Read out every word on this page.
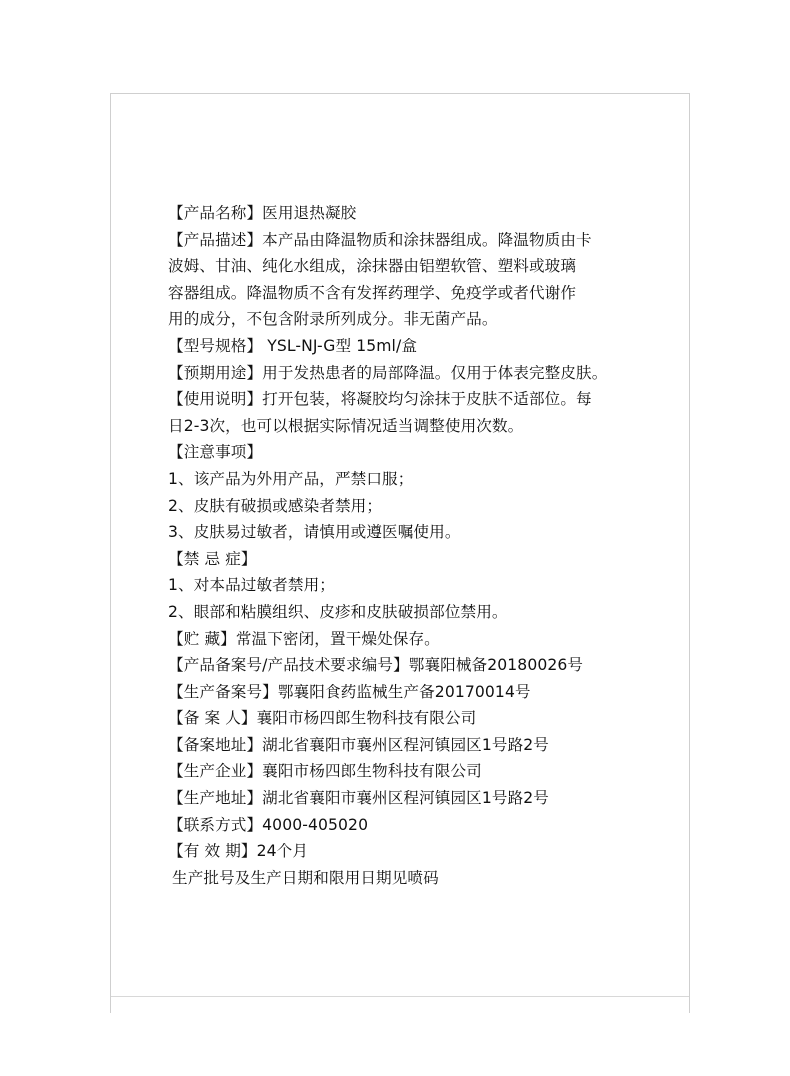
【产品名称】医用退热凝胶
【产品描述】本产品由降温物质和涂抹器组成。降温物质由卡
波姆、甘油、纯化水组成，涂抹器由铝塑软管、塑料或玻璃
容器组成。降温物质不含有发挥药理学、免疫学或者代谢作
用的成分，不包含附录所列成分。非无菌产品。
【型号规格】 YSL-NJ-G型 15ml/盒
【预期用途】用于发热患者的局部降温。仅用于体表完整皮肤。
【使用说明】打开包装，将凝胶均匀涂抹于皮肤不适部位。每
日2-3次，也可以根据实际情况适当调整使用次数。
【注意事项】
1、该产品为外用产品，严禁口服；
2、皮肤有破损或感染者禁用；
3、皮肤易过敏者，请慎用或遵医嘱使用。
【禁 忌 症】
1、对本品过敏者禁用；
2、眼部和粘膜组织、皮疹和皮肤破损部位禁用。
【贮 藏】常温下密闭，置干燥处保存。
【产品备案号/产品技术要求编号】鄂襄阳械备20180026号
【生产备案号】鄂襄阳食药监械生产备20170014号
【备 案 人】襄阳市杨四郎生物科技有限公司
【备案地址】湖北省襄阳市襄州区程河镇园区1号路2号
【生产企业】襄阳市杨四郎生物科技有限公司
【生产地址】湖北省襄阳市襄州区程河镇园区1号路2号
【联系方式】4000-405020
【有 效 期】24个月
生产批号及生产日期和限用日期见喷码
